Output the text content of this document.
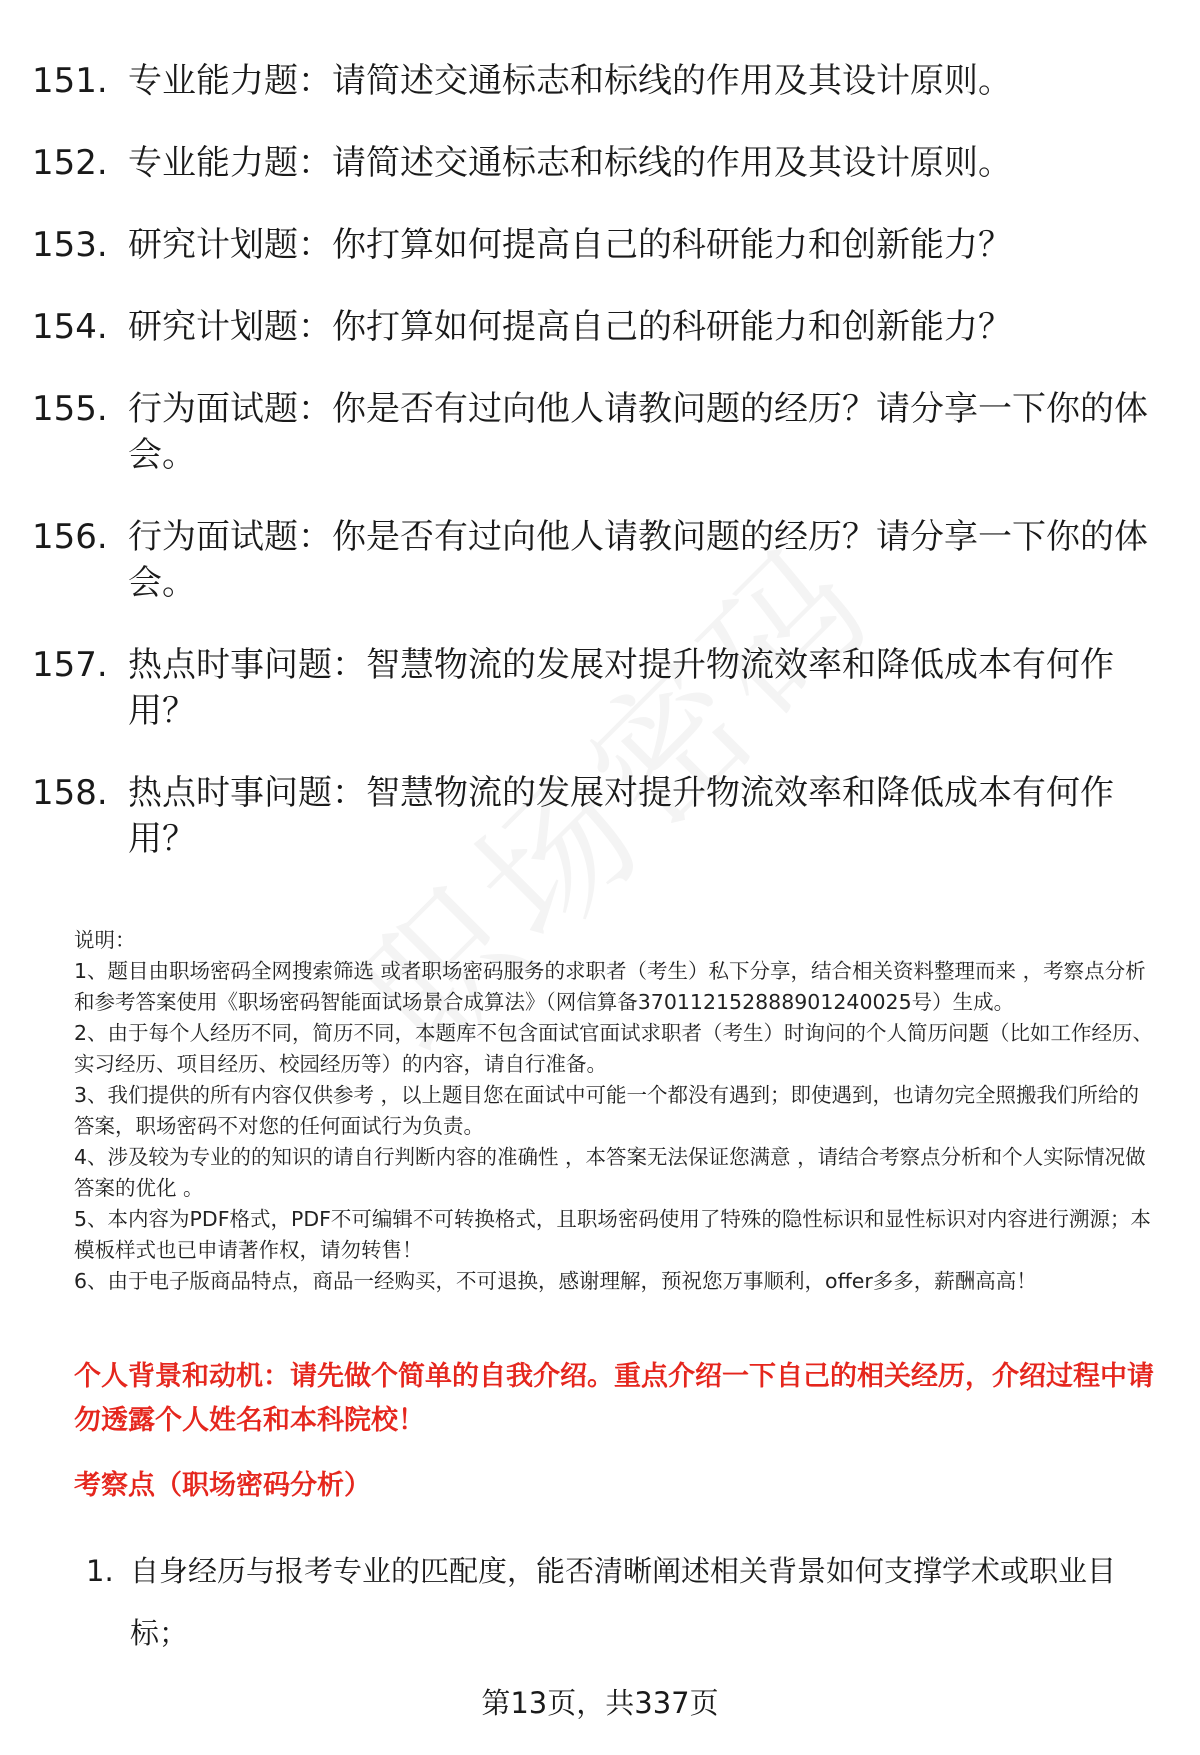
151. 专业能力题：请简述交通标志和标线的作用及其设计原则。
152. 专业能力题：请简述交通标志和标线的作用及其设计原则。
153. 研究计划题：你打算如何提高自己的科研能力和创新能力？
154. 研究计划题：你打算如何提高自己的科研能力和创新能力？
155. 行为面试题：你是否有过向他人请教问题的经历？请分享一下你的体会。
156. 行为面试题：你是否有过向他人请教问题的经历？请分享一下你的体会。
157. 热点时事问题：智慧物流的发展对提升物流效率和降低成本有何作用？
158. 热点时事问题：智慧物流的发展对提升物流效率和降低成本有何作用？

说明：

1、题目由职场密码全网搜索筛选 或者职场密码服务的求职者（考生）私下分享，结合相关资料整理而来 ，考察点分析和参考答案使用《职场密码智能面试场景合成算法》（网信算备370112152888901240025号）生成。

2、由于每个人经历不同，简历不同，本题库不包含面试官面试求职者（考生）时询问的个人简历问题（比如工作经历、实习经历、项目经历、校园经历等）的内容，请自行准备。

3、我们提供的所有内容仅供参考 ，以上题目您在面试中可能一个都没有遇到；即使遇到，也请勿完全照搬我们所给的答案，职场密码不对您的任何面试行为负责。

4、涉及较为专业的的知识的请自行判断内容的准确性 ，本答案无法保证您满意 ，请结合考察点分析和个人实际情况做答案的优化 。

5、本内容为PDF格式，PDF不可编辑不可转换格式，且职场密码使用了特殊的隐性标识和显性标识对内容进行溯源；本模板样式也已申请著作权，请勿转售！

6、由于电子版商品特点，商品一经购买，不可退换，感谢理解，预祝您万事顺利，offer多多，薪酬高高！

个人背景和动机：请先做个简单的自我介绍。重点介绍一下自己的相关经历，介绍过程中请勿透露个人姓名和本科院校！
考察点（职场密码分析）
1. 自身经历与报考专业的匹配度，能否清晰阐述相关背景如何支撑学术或职业目标；
第13页，共337页
